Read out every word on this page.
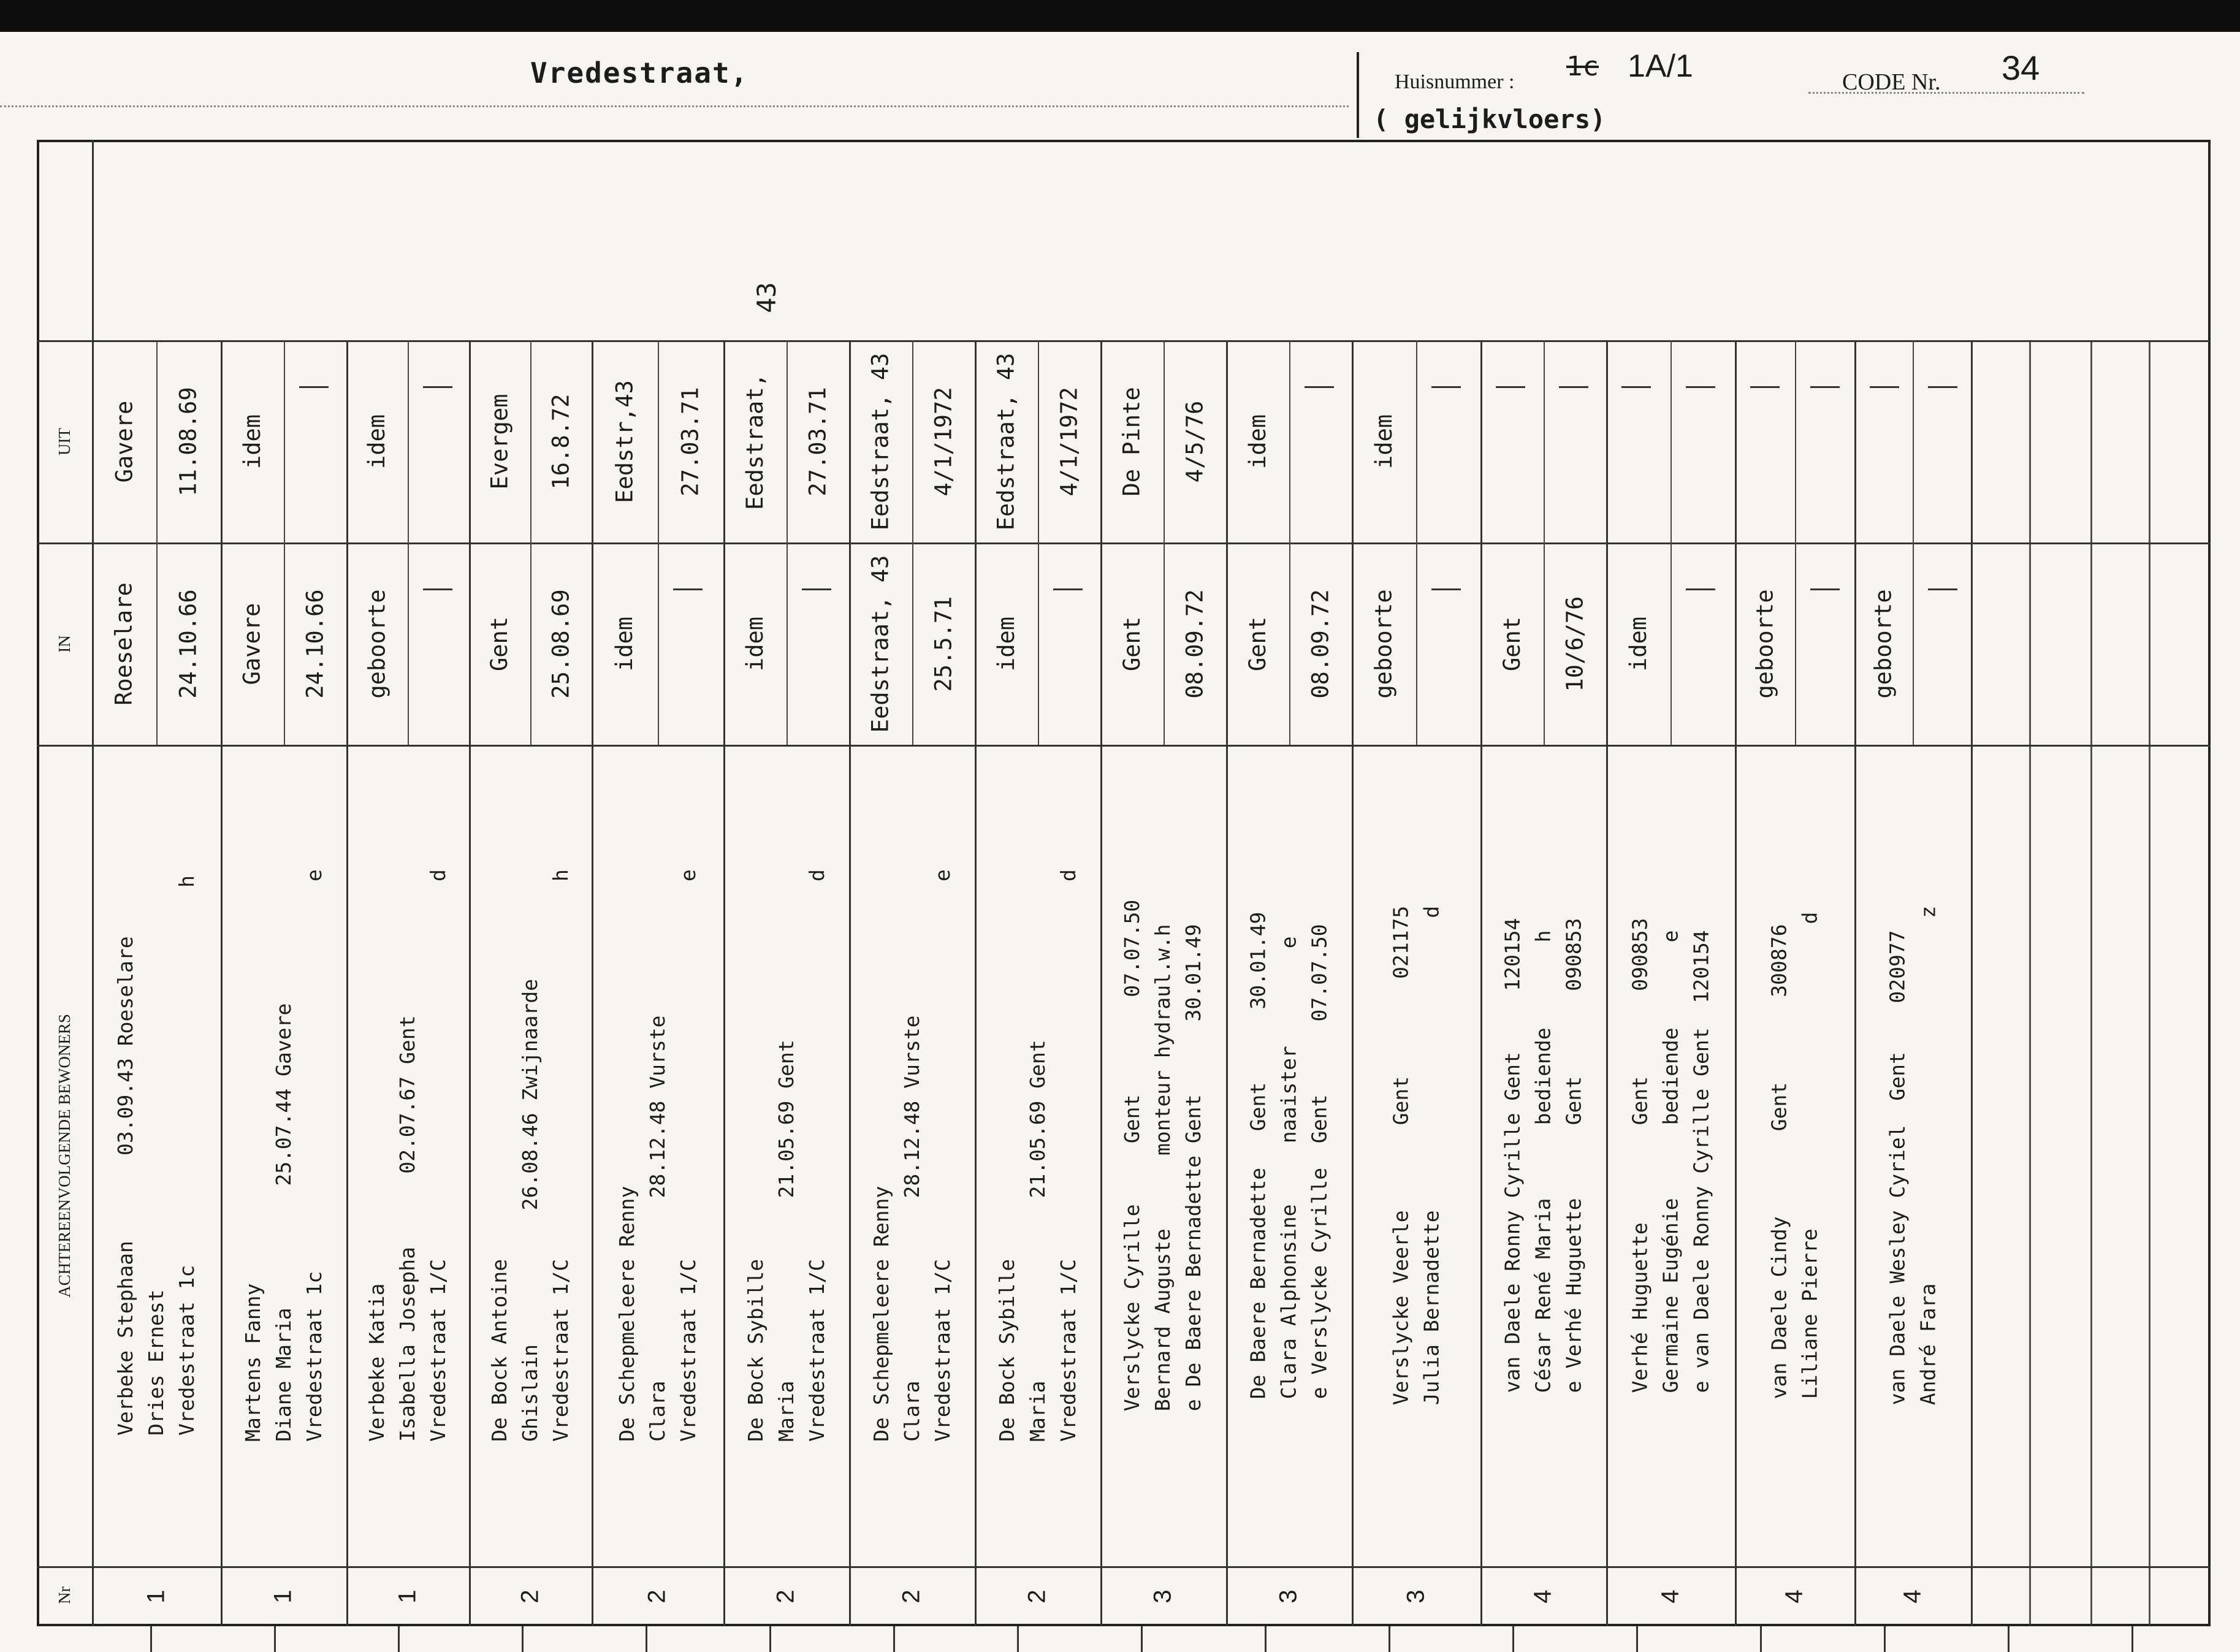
Vredestraat,	Huisnummer : 1c 1A/1
( gelijkvloers)
CODE Nr. 34
Nr
ACHTEREENVOLGENDE BEWONERS
IN
UIT
43
Gavere 11.08.69
Roeselare 24.10.66
Verbeke Stephaan       03.09.43 Roeselare
Dries Ernest
Vredestraat 1c                               h
1
idem
Gavere 24.10.66
Martens Fanny
Diane Maria          25.07.44 Gavere
Vredestraat 1c                                e
1
idem
geboorte
Verbeke Katia
Isabella Josepha      02.07.67 Gent
Vredestraat 1/C                               d
1
Evergem 16.8.72
Gent 25.08.69
De Bock Antoine
Ghislain           26.08.46 Zwijnaarde
Vredestraat 1/C                               h
2
Eedstr,43 27.03.71
idem
De Schepmeleere Renny
Clara               28.12.48 Vurste
Vredestraat 1/C                               e
2
Eedstraat, 27.03.71
idem
De Bock Sybille
Maria               21.05.69 Gent
Vredestraat 1/C                               d
2
Eedstraat, 43 4/1/1972
Eedstraat, 43 25.5.71
De Schepmeleere Renny
Clara               28.12.48 Vurste
Vredestraat 1/C                               e
2
Eedstraat, 43 4/1/1972
idem
De Bock Sybille
Maria               21.05.69 Gent
Vredestraat 1/C                               d
2
De Pinte 4/5/76
Gent 08.09.72
Verslycke Cyrille     Gent        07.07.50
Bernard Auguste      monteur hydraul.w.h
e De Baere Bernadette Gent      30.01.49
3
idem
Gent 08.09.72
De Baere Bernadette   Gent      30.01.49
Clara Alphonsine     naaister        e
e Verslycke Cyrille  Gent      07.07.50
3
idem
geboorte
Verslycke Veerle       Gent        021175
Julia Bernadette                        d
3
Gent 10/6/76
van Daele Ronny Cyrille Gent     120154
César René Maria      bediende       h
e Verhé Huguette      Gent       090853
4
idem
Verhé Huguette        Gent       090853
Germaine Eugénie      bediende       e
e van Daele Ronny Cyrille Gent  120154
4
geboorte
van Daele Cindy       Gent       300876
Liliane Pierre                         d
4
geboorte
van Daele Wesley Cyriel  Gent    020977
André Fara                              z
4
